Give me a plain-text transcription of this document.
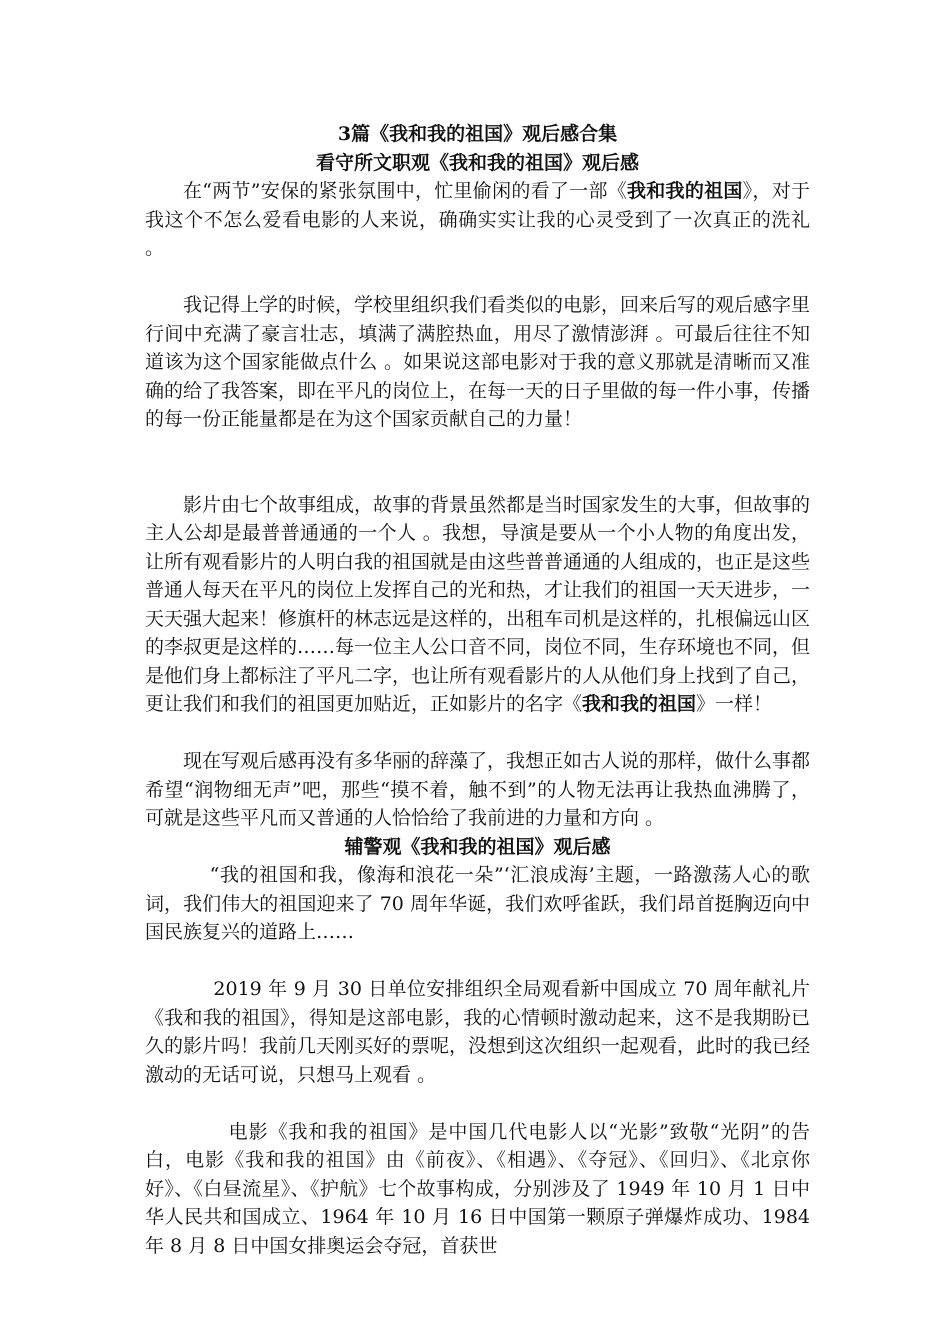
3篇《我和我的祖国》观后感合集

看守所文职观《我和我的祖国》观后感

在“两节”安保的紧张氛围中，忙里偷闲的看了一部《我和我的祖国》，对于我这个不怎么爱看电影的人来说，确确实实让我的心灵受到了一次真正的洗礼 。

我记得上学的时候，学校里组织我们看类似的电影，回来后写的观后感字里行间中充满了豪言壮志，填满了满腔热血，用尽了激情澎湃 。可最后往往不知道该为这个国家能做点什么 。如果说这部电影对于我的意义那就是清晰而又准确的给了我答案，即在平凡的岗位上，在每一天的日子里做的每一件小事，传播的每一份正能量都是在为这个国家贡献自己的力量！

影片由七个故事组成，故事的背景虽然都是当时国家发生的大事，但故事的主人公却是最普普通通的一个人 。我想，导演是要从一个小人物的角度出发，让所有观看影片的人明白我的祖国就是由这些普普通通的人组成的，也正是这些普通人每天在平凡的岗位上发挥自己的光和热，才让我们的祖国一天天进步，一天天强大起来！修旗杆的林志远是这样的，出租车司机是这样的，扎根偏远山区的李叔更是这样的……每一位主人公口音不同，岗位不同，生存环境也不同，但是他们身上都标注了平凡二字，也让所有观看影片的人从他们身上找到了自己，更让我们和我们的祖国更加贴近，正如影片的名字《我和我的祖国》一样！

现在写观后感再没有多华丽的辞藻了，我想正如古人说的那样，做什么事都希望“润物细无声”吧，那些“摸不着，触不到”的人物无法再让我热血沸腾了，可就是这些平凡而又普通的人恰恰给了我前进的力量和方向 。

辅警观《我和我的祖国》观后感

“我的祖国和我，像海和浪花一朵”‘汇浪成海’主题，一路激荡人心的歌词，我们伟大的祖国迎来了 70 周年华诞，我们欢呼雀跃，我们昂首挺胸迈向中国民族复兴的道路上……

2019 年 9 月 30 日单位安排组织全局观看新中国成立 70 周年献礼片《我和我的祖国》，得知是这部电影，我的心情顿时激动起来，这不是我期盼已久的影片吗！我前几天刚买好的票呢，没想到这次组织一起观看，此时的我已经激动的无话可说，只想马上观看 。

电影《我和我的祖国》是中国几代电影人以“光影”致敬“光阴”的告白，电影《我和我的祖国》由《前夜》、《相遇》、《夺冠》、《回归》、《北京你好》、《白昼流星》、《护航》七个故事构成，分别涉及了 1949 年 10 月 1 日中华人民共和国成立、1964 年 10 月 16 日中国第一颗原子弹爆炸成功、1984 年 8 月 8 日中国女排奥运会夺冠，首获世
